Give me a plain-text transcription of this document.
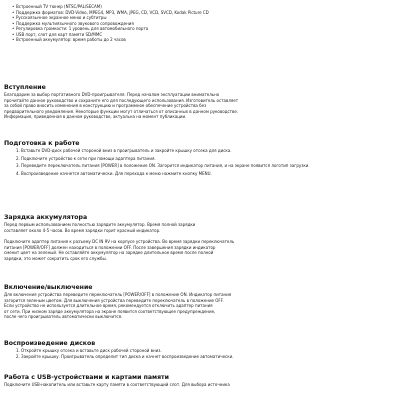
• Встроенный TV тюнер (NTSC/PAL/SECAM)

• Поддержка форматов: DVD-Video, MPEG4, MP3, WMA, JPEG, CD, VCD, SVCD, Kodak Picture CD

• Русскоязычное экранное меню и субтитры

• Поддержка мультиязычного звукового сопровождения

• Регулировка громкости: 1 уровень для автомобильного порта

• USB порт, слот для карт памяти SD/MMC

• Встроенный аккумулятор: время работы до 2 часов

Вступление

Благодарим за выбор портативного DVD-проигрывателя. Перед началом эксплуатации внимательно

прочитайте данное руководство и сохраните его для последующего использования. Изготовитель оставляет

за собой право вносить изменения в конструкцию и программное обеспечение устройства без

предварительного уведомления. Некоторые функции могут отличаться от описанных в данном руководстве.

Информация, приведенная в данном руководстве, актуальна на момент публикации.

Подготовка к работе

1.Вставьте DVD-диск рабочей стороной вниз в проигрыватель и закройте крышку отсека для диска.

2.Подключите устройство к сети при помощи адаптера питания.

3.Переведите переключатель питания [POWER] в положение ON. Загорится индикатор питания, и на экране появится логотип загрузки.

4.Воспроизведение начнется автоматически. Для перехода к меню нажмите кнопку MENU.

Зарядка аккумулятора

Перед первым использованием полностью зарядите аккумулятор. Время полной зарядки

составляет около 4-5 часов. Во время зарядки горит красный индикатор.

Подключите адаптер питания к разъему DC IN 9V на корпусе устройства. Во время зарядки переключатель

питания [POWER/OFF] должен находиться в положении OFF. После завершения зарядки индикатор

сменит цвет на зеленый. Не оставляйте аккумулятор на зарядке длительное время после полной

зарядки, это может сократить срок его службы.

Включение/выключение

Для включения устройства переведите переключатель [POWER/OFF] в положение ON. Индикатор питания

загорится зеленым цветом. Для выключения устройства переведите переключатель в положение OFF.

Если устройство не используется длительное время, рекомендуется отключить адаптер питания

от сети. При низком заряде аккумулятора на экране появится соответствующее предупреждение,

после чего проигрыватель автоматически выключится.

Воспроизведение дисков

1.Откройте крышку отсека и вставьте диск рабочей стороной вниз.

2.Закройте крышку. Проигрыватель определит тип диска и начнет воспроизведение автоматически.

Работа с USB-устройствами и картами памяти

Подключите USB-накопитель или вставьте карту памяти в соответствующий слот. Для выбора источника
